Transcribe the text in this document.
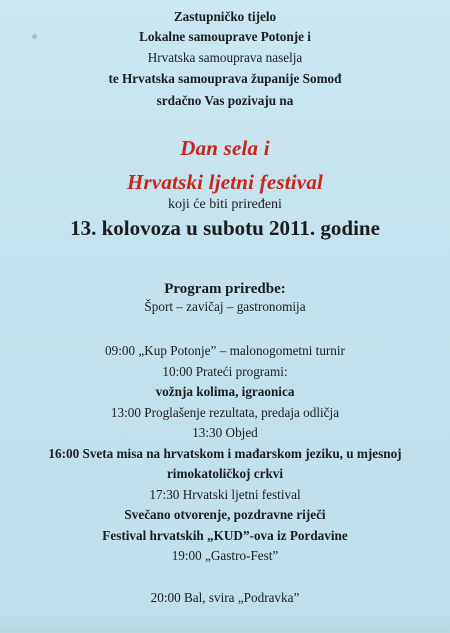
Zastupničko tijelo
Lokalne samouprave Potonje i
Hrvatska samouprava naselja
te Hrvatska samouprava županije Somođ
srdačno Vas pozivaju na
Dan sela i
Hrvatski ljetni festival
koji će biti priređeni
13. kolovoza u subotu 2011. godine
Program priredbe:
Šport – zavičaj – gastronomija
09:00 „Kup Potonje” – malonogometni turnir
10:00 Prateći programi:
vožnja kolima, igraonica
13:00 Proglašenje rezultata, predaja odličja
13:30 Objed
16:00 Sveta misa na hrvatskom i mađarskom jeziku, u mjesnoj
rimokatoličkoj crkvi
17:30 Hrvatski ljetni festival
Svečano otvorenje, pozdravne riječi
Festival hrvatskih „KUD”-ova iz Pordavine
19:00 „Gastro-Fest”
20:00 Bal, svira „Podravka”
